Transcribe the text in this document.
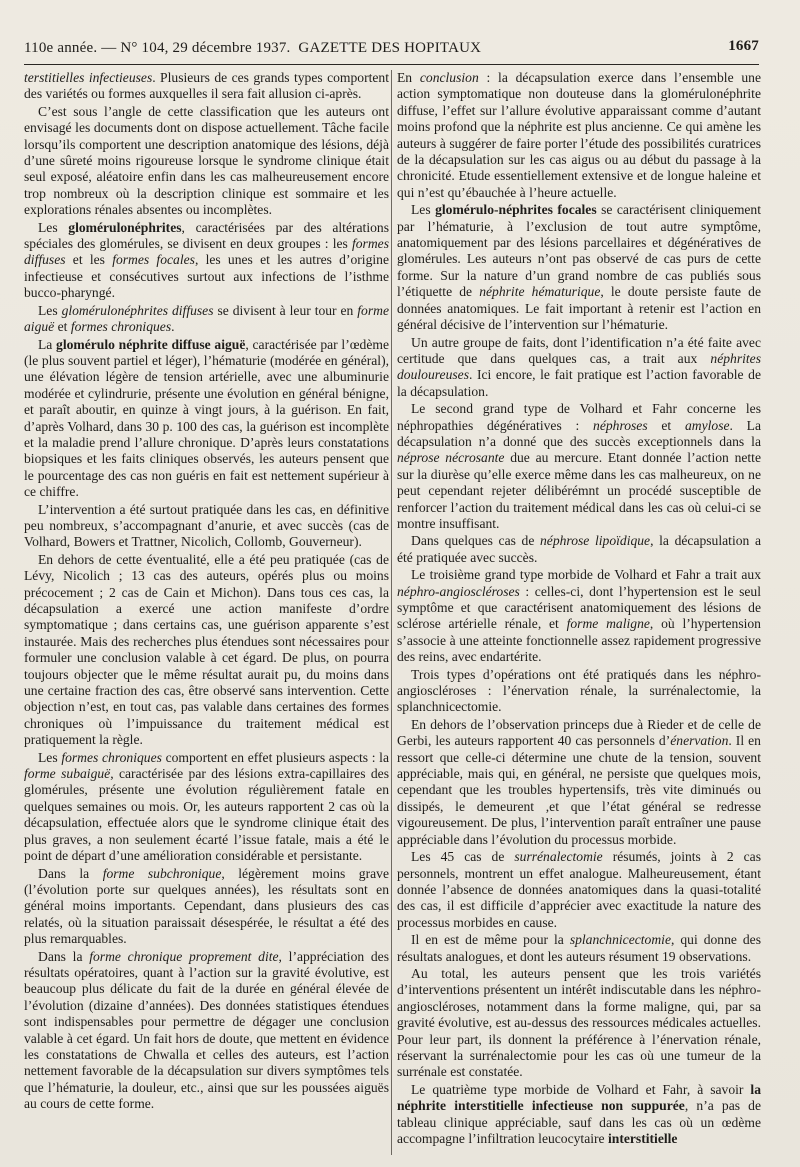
110e année. — N° 104, 29 décembre 1937. GAZETTE DES HOPITAUX	1667

terstitielles infectieuses. Plusieurs de ces grands types comportent des variétés ou formes auxquelles il sera fait allusion ci-après.

C’est sous l’angle de cette classification que les auteurs ont envisagé les documents dont on dispose actuellement. Tâche facile lorsqu’ils comportent une description anatomique des lésions, déjà d’une sûreté moins rigoureuse lorsque le syndrome clinique était seul exposé, aléatoire enfin dans les cas malheureusement encore trop nombreux où la description clinique est sommaire et les explorations rénales absentes ou incomplètes.

Les glomérulonéphrites, caractérisées par des altérations spéciales des glomérules, se divisent en deux groupes : les formes diffuses et les formes focales, les unes et les autres d’origine infectieuse et consécutives surtout aux infections de l’isthme bucco-pharyngé.

Les glomérulonéphrites diffuses se divisent à leur tour en forme aiguë et formes chroniques.

La glomérulo néphrite diffuse aiguë, caractérisée par l’œdème (le plus souvent partiel et léger), l’hématurie (modérée en général), une élévation légère de tension artérielle, avec une albuminurie modérée et cylindrurie, présente une évolution en général bénigne, et paraît aboutir, en quinze à vingt jours, à la guérison. En fait, d’après Volhard, dans 30 p. 100 des cas, la guérison est incomplète et la maladie prend l’allure chronique. D’après leurs constatations biopsiques et les faits cliniques observés, les auteurs pensent que le pourcentage des cas non guéris en fait est nettement supérieur à ce chiffre.

L’intervention a été surtout pratiquée dans les cas, en définitive peu nombreux, s’accompagnant d’anurie, et avec succès (cas de Volhard, Bowers et Trattner, Nicolich, Collomb, Gouverneur).

En dehors de cette éventualité, elle a été peu pratiquée (cas de Lévy, Nicolich ; 13 cas des auteurs, opérés plus ou moins précocement ; 2 cas de Cain et Michon). Dans tous ces cas, la décapsulation a exercé une action manifeste d’ordre symptomatique ; dans certains cas, une guérison apparente s’est instaurée. Mais des recherches plus étendues sont nécessaires pour formuler une conclusion valable à cet égard. De plus, on pourra toujours objecter que le même résultat aurait pu, du moins dans une certaine fraction des cas, être observé sans intervention. Cette objection n’est, en tout cas, pas valable dans certaines des formes chroniques où l’impuissance du traitement médical est pratiquement la règle.

Les formes chroniques comportent en effet plusieurs aspects : la forme subaiguë, caractérisée par des lésions extra-capillaires des glomérules, présente une évolution régulièrement fatale en quelques semaines ou mois. Or, les auteurs rapportent 2 cas où la décapsulation, effectuée alors que le syndrome clinique était des plus graves, a non seulement écarté l’issue fatale, mais a été le point de départ d’une amélioration considérable et persistante.

Dans la forme subchronique, légèrement moins grave (l’évolution porte sur quelques années), les résultats sont en général moins importants. Cependant, dans plusieurs des cas relatés, où la situation paraissait désespérée, le résultat a été des plus remarquables.

Dans la forme chronique proprement dite, l’appréciation des résultats opératoires, quant à l’action sur la gravité évolutive, est beaucoup plus délicate du fait de la durée en général élevée de l’évolution (dizaine d’années). Des données statistiques étendues sont indispensables pour permettre de dégager une conclusion valable à cet égard. Un fait hors de doute, que mettent en évidence les constatations de Chwalla et celles des auteurs, est l’action nettement favorable de la décapsulation sur divers symptômes tels que l’hématurie, la douleur, etc., ainsi que sur les poussées aiguës au cours de cette forme.

En conclusion : la décapsulation exerce dans l’ensemble une action symptomatique non douteuse dans la glomérulonéphrite diffuse, l’effet sur l’allure évolutive apparaissant comme d’autant moins profond que la néphrite est plus ancienne. Ce qui amène les auteurs à suggérer de faire porter l’étude des possibilités curatrices de la décapsulation sur les cas aigus ou au début du passage à la chronicité. Etude essentiellement extensive et de longue haleine et qui n’est qu’ébauchée à l’heure actuelle.

Les glomérulo-néphrites focales se caractérisent cliniquement par l’hématurie, à l’exclusion de tout autre symptôme, anatomiquement par des lésions parcellaires et dégénératives de glomérules. Les auteurs n’ont pas observé de cas purs de cette forme. Sur la nature d’un grand nombre de cas publiés sous l’étiquette de néphrite hématurique, le doute persiste faute de données anatomiques. Le fait important à retenir est l’action en général décisive de l’intervention sur l’hématurie.

Un autre groupe de faits, dont l’identification n’a été faite avec certitude que dans quelques cas, a trait aux néphrites douloureuses. Ici encore, le fait pratique est l’action favorable de la décapsulation.

Le second grand type de Volhard et Fahr concerne les néphropathies dégénératives : néphroses et amylose. La décapsulation n’a donné que des succès exceptionnels dans la néprose nécrosante due au mercure. Etant donnée l’action nette sur la diurèse qu’elle exerce même dans les cas malheureux, on ne peut cependant rejeter délibérémnt un procédé susceptible de renforcer l’action du traitement médical dans les cas où celui-ci se montre insuffisant.

Dans quelques cas de néphrose lipoïdique, la décapsulation a été pratiquée avec succès.

Le troisième grand type morbide de Volhard et Fahr a trait aux néphro-angioscléroses : celles-ci, dont l’hypertension est le seul symptôme et que caractérisent anatomiquement des lésions de sclérose artérielle rénale, et forme maligne, où l’hypertension s’associe à une atteinte fonctionnelle assez rapidement progressive des reins, avec endartérite.

Trois types d’opérations ont été pratiqués dans les néphro-angioscléroses : l’énervation rénale, la surrénalectomie, la splanchnicectomie.

En dehors de l’observation princeps due à Rieder et de celle de Gerbi, les auteurs rapportent 40 cas personnels d’énervation. Il en ressort que celle-ci détermine une chute de la tension, souvent appréciable, mais qui, en général, ne persiste que quelques mois, cependant que les troubles hypertensifs, très vite diminués ou dissipés, le demeurent ,et que l’état général se redresse vigoureusement. De plus, l’intervention paraît entraîner une pause appréciable dans l’évolution du processus morbide.

Les 45 cas de surrénalectomie résumés, joints à 2 cas personnels, montrent un effet analogue. Malheureusement, étant donnée l’absence de données anatomiques dans la quasi-totalité des cas, il est difficile d’apprécier avec exactitude la nature des processus morbides en cause.

Il en est de même pour la splanchnicectomie, qui donne des résultats analogues, et dont les auteurs résument 19 observations.

Au total, les auteurs pensent que les trois variétés d’interventions présentent un intérêt indiscutable dans les néphro-angioscléroses, notamment dans la forme maligne, qui, par sa gravité évolutive, est au-dessus des ressources médicales actuelles. Pour leur part, ils donnent la préférence à l’énervation rénale, réservant la surrénalectomie pour les cas où une tumeur de la surrénale est constatée.

Le quatrième type morbide de Volhard et Fahr, à savoir la néphrite interstitielle infectieuse non suppurée, n’a pas de tableau clinique appréciable, sauf dans les cas où un œdème accompagne l’infiltration leucocytaire interstitielle
